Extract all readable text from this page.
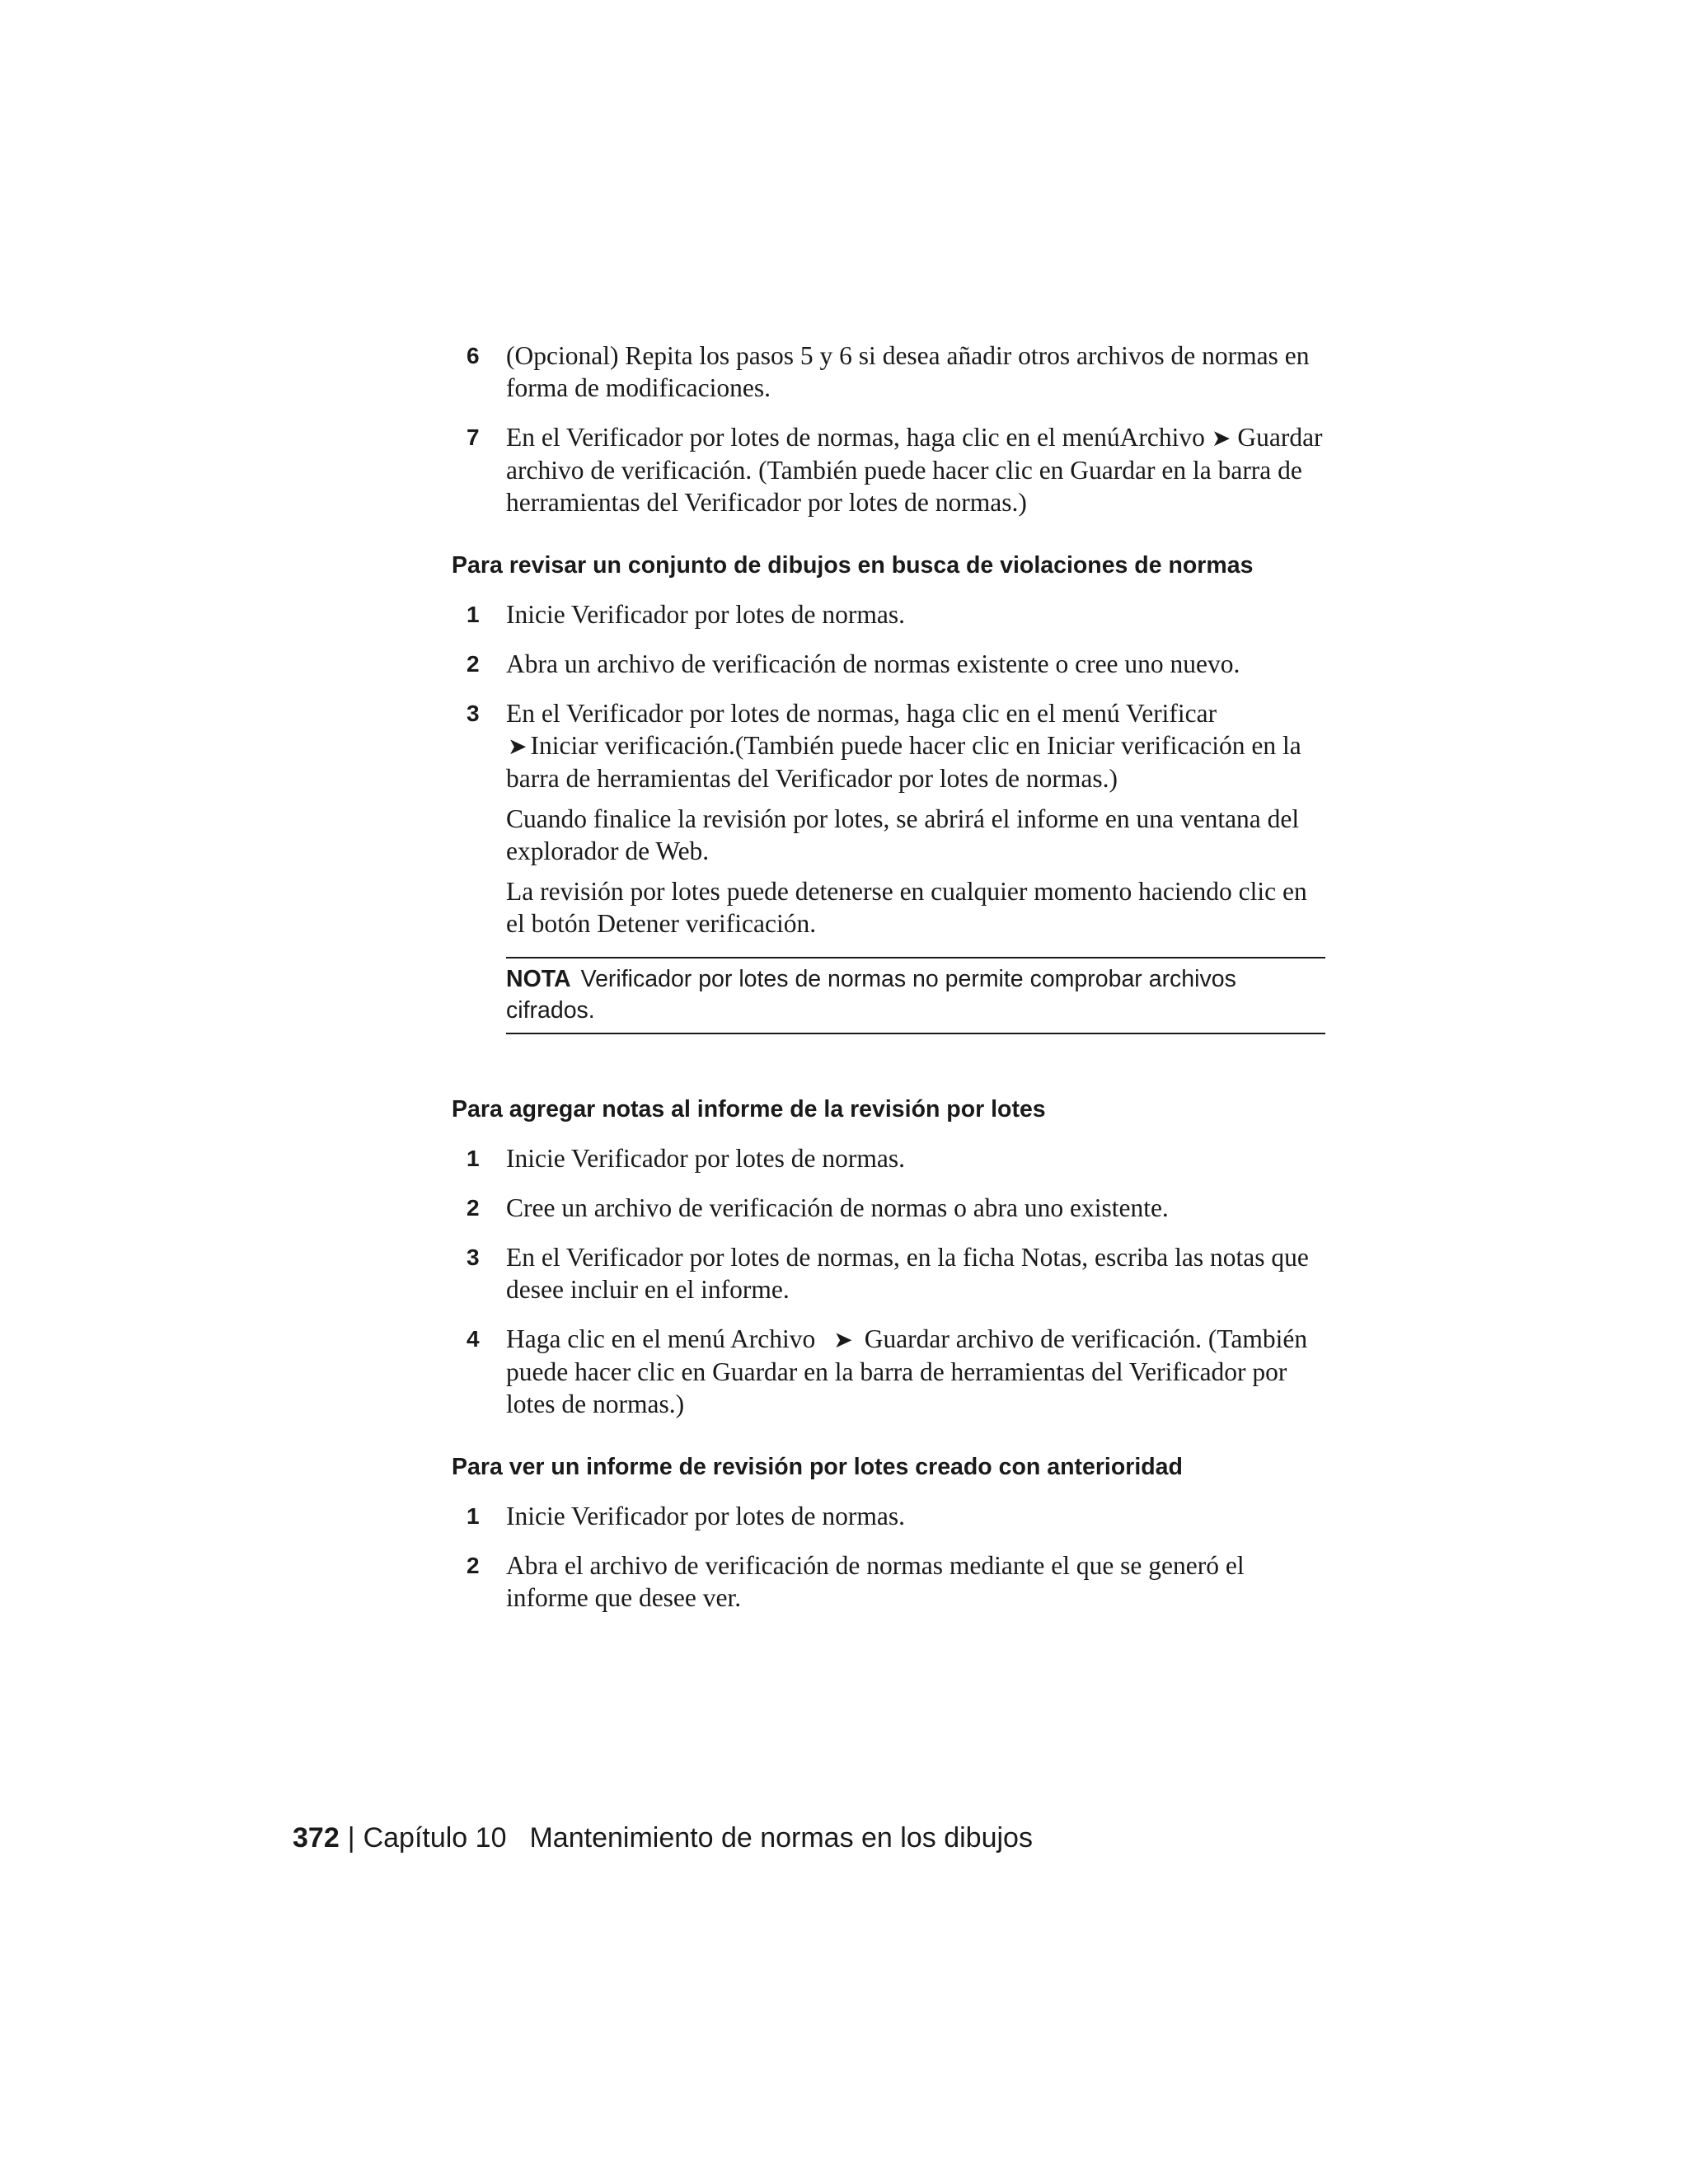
6 (Opcional) Repita los pasos 5 y 6 si desea añadir otros archivos de normas en forma de modificaciones.

7 En el Verificador por lotes de normas, haga clic en el menúArchivo ➤ Guardar archivo de verificación. (También puede hacer clic en Guardar en la barra de herramientas del Verificador por lotes de normas.)

Para revisar un conjunto de dibujos en busca de violaciones de normas
1 Inicie Verificador por lotes de normas.

2 Abra un archivo de verificación de normas existente o cree uno nuevo.

3 En el Verificador por lotes de normas, haga clic en el menú Verificar
➤ Iniciar verificación.(También puede hacer clic en Iniciar verificación en la barra de herramientas del Verificador por lotes de normas.)

Cuando finalice la revisión por lotes, se abrirá el informe en una ventana del explorador de Web.

La revisión por lotes puede detenerse en cualquier momento haciendo clic en el botón Detener verificación.

NOTA Verificador por lotes de normas no permite comprobar archivos cifrados.
Para agregar notas al informe de la revisión por lotes
1 Inicie Verificador por lotes de normas.

2 Cree un archivo de verificación de normas o abra uno existente.

3 En el Verificador por lotes de normas, en la ficha Notas, escriba las notas que desee incluir en el informe.

4 Haga clic en el menú Archivo ➤ Guardar archivo de verificación. (También puede hacer clic en Guardar en la barra de herramientas del Verificador por lotes de normas.)

Para ver un informe de revisión por lotes creado con anterioridad
1 Inicie Verificador por lotes de normas.

2 Abra el archivo de verificación de normas mediante el que se generó el informe que desee ver.

372 | Capítulo 10 Mantenimiento de normas en los dibujos
